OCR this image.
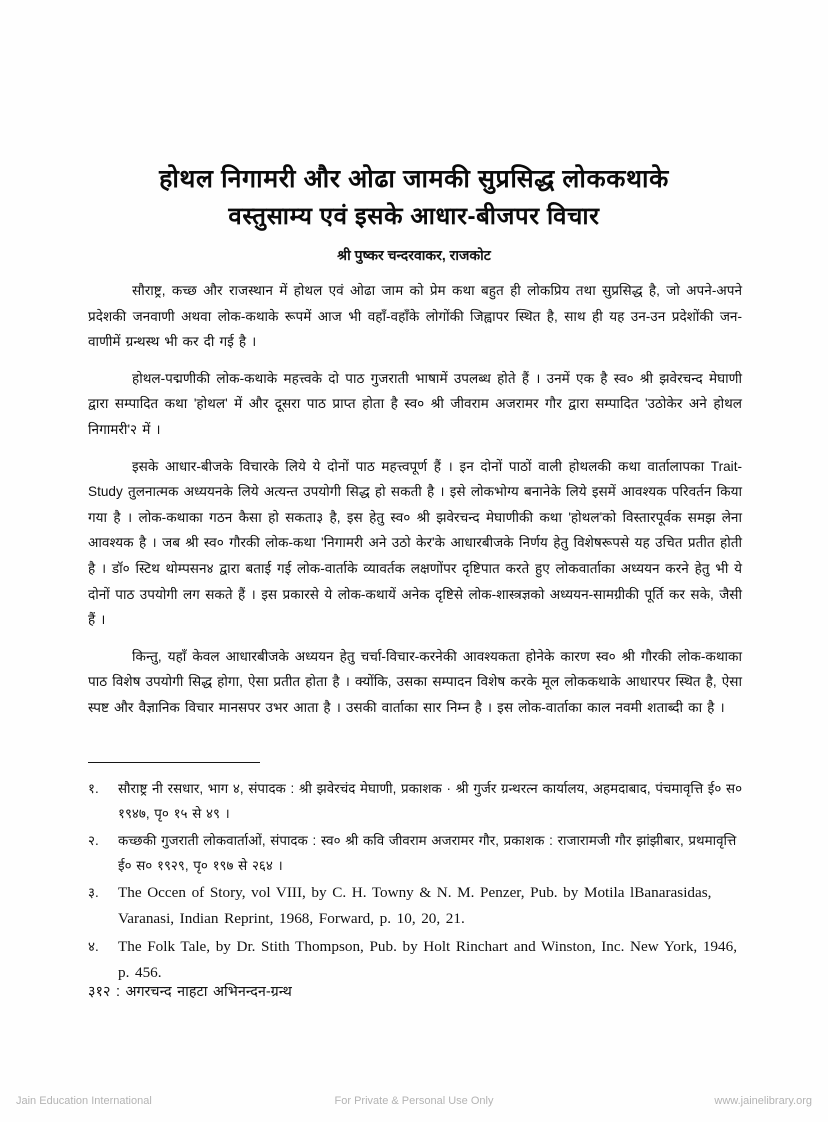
होथल निगामरी और ओढा जामकी सुप्रसिद्ध लोककथाके
वस्तुसाम्य एवं इसके आधार-बीजपर विचार
श्री पुष्कर चन्दरवाकर, राजकोट

सौराष्ट्र, कच्छ और राजस्थान में होथल एवं ओढा जाम को प्रेम कथा बहुत ही लोकप्रिय तथा सुप्रसिद्ध है, जो अपने-अपने प्रदेशकी जनवाणी अथवा लोक-कथाके रूपमें आज भी वहाँ-वहाँके लोगोंकी जिह्वापर स्थित है, साथ ही यह उन-उन प्रदेशोंकी जन-वाणीमें ग्रन्थस्थ भी कर दी गई है ।

होथल-पद्मणीकी लोक-कथाके महत्त्वके दो पाठ गुजराती भाषामें उपलब्ध होते हैं । उनमें एक है स्व० श्री झवेरचन्द मेघाणी द्वारा सम्पादित कथा 'होथल' में और दूसरा पाठ प्राप्त होता है स्व० श्री जीवराम अजरामर गौर द्वारा सम्पादित 'उठोकेर अने होथल निगामरी'२ में ।

इसके आधार-बीजके विचारके लिये ये दोनों पाठ महत्त्वपूर्ण हैं । इन दोनों पाठों वाली होथलकी कथा वार्तालापका Trait-Study तुलनात्मक अध्ययनके लिये अत्यन्त उपयोगी सिद्ध हो सकती है । इसे लोकभोग्य बनानेके लिये इसमें आवश्यक परिवर्तन किया गया है । लोक-कथाका गठन कैसा हो सकता३ है, इस हेतु स्व० श्री झवेरचन्द मेघाणीकी कथा 'होथल'को विस्तारपूर्वक समझ लेना आवश्यक है । जब श्री स्व० गौरकी लोक-कथा 'निगामरी अने उठो केर'के आधारबीजके निर्णय हेतु विशेषरूपसे यह उचित प्रतीत होती है । डॉ० स्टिथ थोम्पसन४ द्वारा बताई गई लोक-वार्ताके व्यावर्तक लक्षणोंपर दृष्टिपात करते हुए लोकवार्ताका अध्ययन करने हेतु भी ये दोनों पाठ उपयोगी लग सकते हैं । इस प्रकारसे ये लोक-कथायें अनेक दृष्टिसे लोक-शास्त्रज्ञको अध्ययन-सामग्रीकी पूर्ति कर सके, जैसी हैं ।

किन्तु, यहाँ केवल आधारबीजके अध्ययन हेतु चर्चा-विचार-करनेकी आवश्यकता होनेके कारण स्व० श्री गौरकी लोक-कथाका पाठ विशेष उपयोगी सिद्ध होगा, ऐसा प्रतीत होता है । क्योंकि, उसका सम्पादन विशेष करके मूल लोककथाके आधारपर स्थित है, ऐसा स्पष्ट और वैज्ञानिक विचार मानसपर उभर आता है । उसकी वार्ताका सार निम्न है । इस लोक-वार्ताका काल नवमी शताब्दी का है ।

१.	सौराष्ट्र नी रसधार, भाग ४, संपादक : श्री झवेरचंद मेघाणी, प्रकाशक · श्री गुर्जर ग्रन्थरत्न कार्यालय, अहमदाबाद, पंचमावृत्ति ई० स० १९४७, पृ० १५ से ४९ ।
२.	कच्छकी गुजराती लोकवार्ताओं, संपादक : स्व० श्री कवि जीवराम अजरामर गौर, प्रकाशक : राजारामजी गौर झांझीबार, प्रथमावृत्ति ई० स० १९२९, पृ० १९७ से २६४ ।
३.	The Occen of Story, vol VIII, by C. H. Towny & N. M. Penzer, Pub. by Motila lBanarasidas, Varanasi, Indian Reprint, 1968, Forward, p. 10, 20, 21.
४.	The Folk Tale, by Dr. Stith Thompson, Pub. by Holt Rinchart and Winston, Inc. New York, 1946, p. 456.
३१२ : अगरचन्द नाहटा अभिनन्दन-ग्रन्थ
Jain Education International	For Private & Personal Use Only	www.jainelibrary.org
